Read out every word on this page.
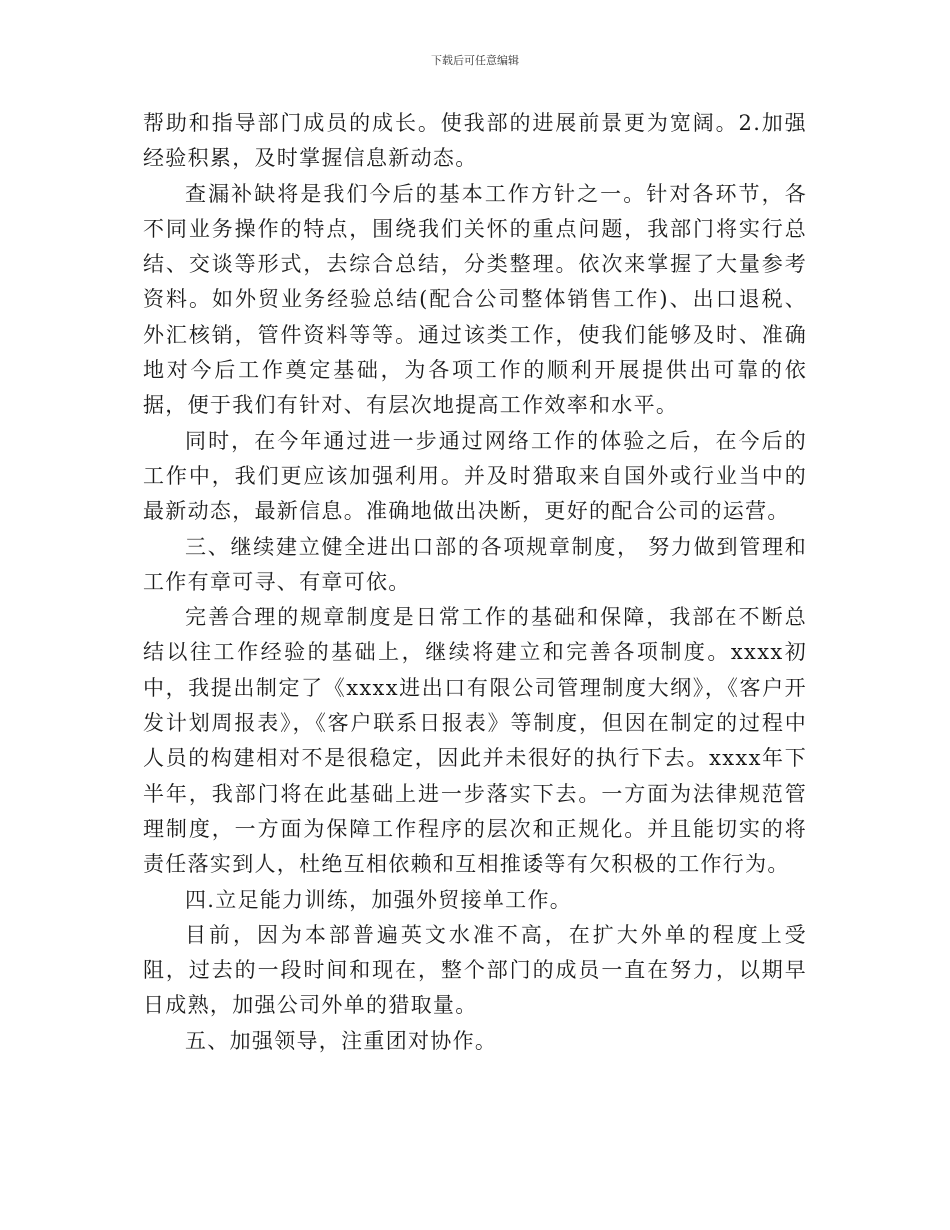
下载后可任意编辑

帮助和指导部门成员的成长。使我部的进展前景更为宽阔。2.加强经验积累，及时掌握信息新动态。

查漏补缺将是我们今后的基本工作方针之一。针对各环节，各不同业务操作的特点，围绕我们关怀的重点问题，我部门将实行总结、交谈等形式，去综合总结，分类整理。依次来掌握了大量参考资料。如外贸业务经验总结(配合公司整体销售工作)、出口退税、外汇核销，管件资料等等。通过该类工作，使我们能够及时、准确地对今后工作奠定基础，为各项工作的顺利开展提供出可靠的依据，便于我们有针对、有层次地提高工作效率和水平。

同时，在今年通过进一步通过网络工作的体验之后，在今后的工作中，我们更应该加强利用。并及时猎取来自国外或行业当中的最新动态，最新信息。准确地做出决断，更好的配合公司的运营。

三、继续建立健全进出口部的各项规章制度， 努力做到管理和工作有章可寻、有章可依。

完善合理的规章制度是日常工作的基础和保障，我部在不断总结以往工作经验的基础上，继续将建立和完善各项制度。xxxx初中，我提出制定了《xxxx进出口有限公司管理制度大纲》，《客户开发计划周报表》，《客户联系日报表》等制度，但因在制定的过程中人员的构建相对不是很稳定，因此并未很好的执行下去。xxxx年下半年，我部门将在此基础上进一步落实下去。一方面为法律规范管理制度，一方面为保障工作程序的层次和正规化。并且能切实的将责任落实到人，杜绝互相依赖和互相推诿等有欠积极的工作行为。

四.立足能力训练，加强外贸接单工作。

目前，因为本部普遍英文水准不高，在扩大外单的程度上受阻，过去的一段时间和现在，整个部门的成员一直在努力，以期早日成熟，加强公司外单的猎取量。

五、加强领导，注重团对协作。
